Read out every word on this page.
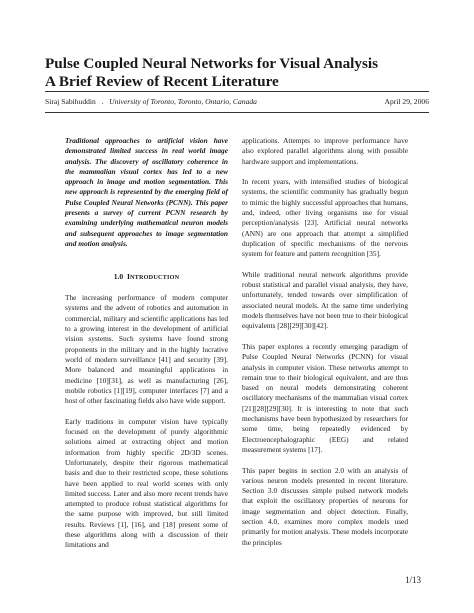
Pulse Coupled Neural Networks for Visual Analysis
A Brief Review of Recent Literature
Siraj Sabihuddin   .   University of Toronto, Toronto, Ontario, Canada	April 29, 2006

Traditional approaches to artificial vision have demonstrated limited success in real world image analysis. The discovery of oscillatory coherence in the mammalian visual cortex has led to a new approach in image and motion segmentation. This new approach is represented by the emerging field of Pulse Coupled Neural Networks (PCNN). This paper presents a survey of current PCNN research by examining underlying mathematical neuron models and subsequent approaches to image segmentation and motion analysis.

1.0 INTRODUCTION

The increasing performance of modern computer systems and the advent of robotics and automation in commercial, military and scientific applications has led to a growing interest in the development of artificial vision systems. Such systems have found strong proponents in the military and in the highly lucrative world of modern surveillance [41] and security [39]. More balanced and meaningful applications in medicine [10][31], as well as manufacturing [26], mobile robotics [1][19], computer interfaces [7] and a host of other fascinating fields also have wide support.

Early traditions in computer vision have typically focused on the development of purely algorithmic solutions aimed at extracting object and motion information from highly specific 2D/3D scenes. Unfortunately, despite their rigorous mathematical basis and due to their restricted scope, these solutions have been applied to real world scenes with only limited success. Later and also more recent trends have attempted to produce robust statistical algorithms for the same purpose with improved, but still limited results. Reviews [1], [16], and [18] present some of these algorithms along with a discussion of their limitations and

applications. Attempts to improve performance have also explored parallel algorithms along with possible hardware support and implementations.

In recent years, with intensified studies of biological systems, the scientific community has gradually begun to mimic the highly successful approaches that humans, and, indeed, other living organisms use for visual perception/analysis [23]. Artificial neural networks (ANN) are one approach that attempt a simplified duplication of specific mechanisms of the nervous system for feature and pattern recognition [35].

While traditional neural network algorithms provide robust statistical and parallel visual analysis, they have, unfortunately, tended towards over simplification of associated neural models. At the same time underlying models themselves have not been true to their biological equivalents [28][29][30][42].

This paper explores a recently emerging paradigm of Pulse Coupled Neural Networks (PCNN) for visual analysis in computer vision. These networks attempt to remain true to their biological equivalent, and are thus based on neural models demonstrating coherent oscillatory mechanisms of the mammalian visual cortex [21][28][29][30]. It is interesting to note that such mechanisms have been hypothesized by researchers for some time, being repeatedly evidenced by Electroencephalographic (EEG) and related measurement systems [17].

This paper begins in section 2.0 with an analysis of various neuron models presented in recent literature. Section 3.0 discusses simple pulsed network models that exploit the oscillatory properties of neurons for image segmentation and object detection. Finally, section 4.0, examines more complex models used primarily for motion analysis. These models incorporate the principles

1/13
